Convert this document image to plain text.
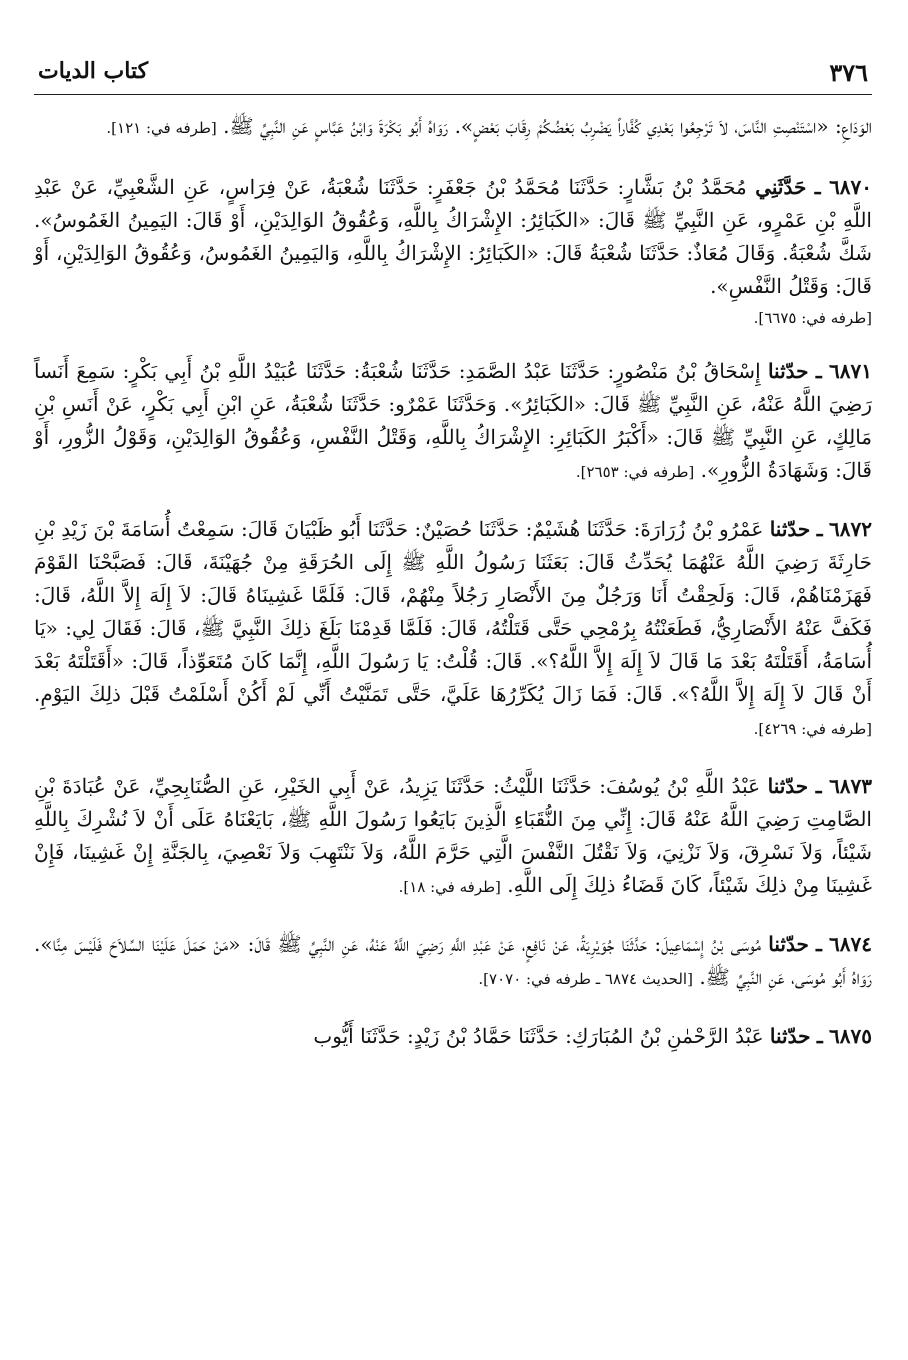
٣٧٦
كتاب الديات

الوَدَاعِ: «اسْتَنْصِتِ النَّاسَ، لاَ تَرْجِعُوا بَعْدِي كُفَّاراً يَضْرِبُ بَعْضُكُمْ رِقَابَ بَعْضٍ». رَوَاهُ أَبُو بَكْرَةَ وَابْنُ عَبَّاسٍ عَنِ النَّبِيِّ ﷺ. [طرفه في: ١٢١].

٦٨٧٠ ـ حَدَّثَنِي مُحَمَّدُ بْنُ بَشَّارٍ: حَدَّثَنَا مُحَمَّدُ بْنُ جَعْفَرٍ: حَدَّثَنَا شُعْبَةُ، عَنْ فِرَاسٍ، عَنِ الشَّعْبِيِّ، عَنْ عَبْدِ اللَّهِ بْنِ عَمْرٍو، عَنِ النَّبِيِّ ﷺ قَالَ: «الكَبَائِرُ: الإِشْرَاكُ بِاللَّهِ، وَعُقُوقُ الوَالِدَيْنِ، أَوْ قَالَ: اليَمِينُ الغَمُوسُ». شَكَّ شُعْبَةُ. وَقَالَ مُعَاذٌ: حَدَّثَنَا شُعْبَةُ قَالَ: «الكَبَائِرُ: الإِشْرَاكُ بِاللَّهِ، وَاليَمِينُ الغَمُوسُ، وَعُقُوقُ الوَالِدَيْنِ، أَوْ قَالَ: وَقَتْلُ النَّفْسِ».
[طرفه في: ٦٦٧٥].

٦٨٧١ ـ حدّثنا إِسْحَاقُ بْنُ مَنْصُورٍ: حَدَّثَنَا عَبْدُ الصَّمَدِ: حَدَّثَنَا شُعْبَةُ: حَدَّثَنَا عُبَيْدُ اللَّهِ بْنُ أَبِي بَكْرٍ: سَمِعَ أَنَساً رَضِيَ اللَّهُ عَنْهُ، عَنِ النَّبِيِّ ﷺ قَالَ: «الكَبَائِرُ». وَحَدَّثَنَا عَمْرٌو: حَدَّثَنَا شُعْبَةُ، عَنِ ابْنِ أَبِي بَكْرٍ، عَنْ أَنَسِ بْنِ مَالِكٍ، عَنِ النَّبِيِّ ﷺ قَالَ: «أَكْبَرُ الكَبَائِرِ: الإِشْرَاكُ بِاللَّهِ، وَقَتْلُ النَّفْسِ، وَعُقُوقُ الوَالِدَيْنِ، وَقَوْلُ الزُّورِ، أَوْ قَالَ: وَشَهَادَةُ الزُّورِ». [طرفه في: ٢٦٥٣].

٦٨٧٢ ـ حدّثنا عَمْرُو بْنُ زُرَارَةَ: حَدَّثَنَا هُشَيْمٌ: حَدَّثَنَا حُصَيْنٌ: حَدَّثَنَا أَبُو ظَبْيَانَ قَالَ: سَمِعْتُ أُسَامَةَ بْنَ زَيْدِ بْنِ حَارِثَةَ رَضِيَ اللَّهُ عَنْهُمَا يُحَدِّثُ قَالَ: بَعَثَنَا رَسُولُ اللَّهِ ﷺ إِلَى الحُرَقَةِ مِنْ جُهَيْنَةَ، قَالَ: فَصَبَّحْنَا القَوْمَ فَهَزَمْنَاهُمْ، قَالَ: وَلَحِقْتُ أَنَا وَرَجُلٌ مِنَ الأَنْصَارِ رَجُلاً مِنْهُمْ، قَالَ: فَلَمَّا غَشِينَاهُ قَالَ: لاَ إِلَهَ إِلاَّ اللَّهُ، قَالَ: فَكَفَّ عَنْهُ الأَنْصَارِيُّ، فَطَعَنْتُهُ بِرُمْحِي حَتَّى قَتَلْتُهُ، قَالَ: فَلَمَّا قَدِمْنَا بَلَغَ ذلِكَ النَّبِيَّ ﷺ، قَالَ: فَقَالَ لِي: «يَا أُسَامَةُ، أَقَتَلْتَهُ بَعْدَ مَا قَالَ لاَ إِلَهَ إِلاَّ اللَّهُ؟». قَالَ: قُلْتُ: يَا رَسُولَ اللَّهِ، إِنَّمَا كَانَ مُتَعَوِّذاً، قَالَ: «أَقَتَلْتَهُ بَعْدَ أَنْ قَالَ لاَ إِلَهَ إِلاَّ اللَّهُ؟». قَالَ: فَمَا زَالَ يُكَرِّرُهَا عَلَيَّ، حَتَّى تَمَنَّيْتُ أَنِّي لَمْ أَكُنْ أَسْلَمْتُ قَبْلَ ذلِكَ اليَوْمِ. [طرفه في: ٤٢٦٩].

٦٨٧٣ ـ حدّثنا عَبْدُ اللَّهِ بْنُ يُوسُفَ: حَدَّثَنَا اللَّيْثُ: حَدَّثَنَا يَزِيدُ، عَنْ أَبِي الخَيْرِ، عَنِ الصُّنَابِحِيِّ، عَنْ عُبَادَةَ بْنِ الصَّامِتِ رَضِيَ اللَّهُ عَنْهُ قَالَ: إِنِّي مِنَ النُّقَبَاءِ الَّذِينَ بَايَعُوا رَسُولَ اللَّهِ ﷺ، بَايَعْنَاهُ عَلَى أَنْ لاَ نُشْرِكَ بِاللَّهِ شَيْئاً، وَلاَ نَسْرِقَ، وَلاَ نَزْنِيَ، وَلاَ نَقْتُلَ النَّفْسَ الَّتِي حَرَّمَ اللَّهُ، وَلاَ نَنْتَهِبَ وَلاَ نَعْصِيَ، بِالجَنَّةِ إِنْ غَشِينَا، فَإِنْ غَشِينَا مِنْ ذلِكَ شَيْئاً، كَانَ قَضَاءُ ذلِكَ إِلَى اللَّهِ. [طرفه في: ١٨].

٦٨٧٤ ـ حدّثنا مُوسَى بْنُ إِسْمَاعِيلَ: حَدَّثَنَا جُوَيْرِيَةُ، عَنْ نَافِعٍ، عَنْ عَبْدِ اللَّهِ رَضِيَ اللَّهُ عَنْهُ، عَنِ النَّبِيِّ ﷺ قَالَ: «مَنْ حَمَلَ عَلَيْنَا السِّلاَحَ فَلَيْسَ مِنَّا». رَوَاهُ أَبُو مُوسَى، عَنِ النَّبِيِّ ﷺ. [الحديث ٦٨٧٤ ـ طرفه في: ٧٠٧٠].

٦٨٧٥ ـ حدّثنا عَبْدُ الرَّحْمٰنِ بْنُ المُبَارَكِ: حَدَّثَنَا حَمَّادُ بْنُ زَيْدٍ: حَدَّثَنَا أَيُّوب
